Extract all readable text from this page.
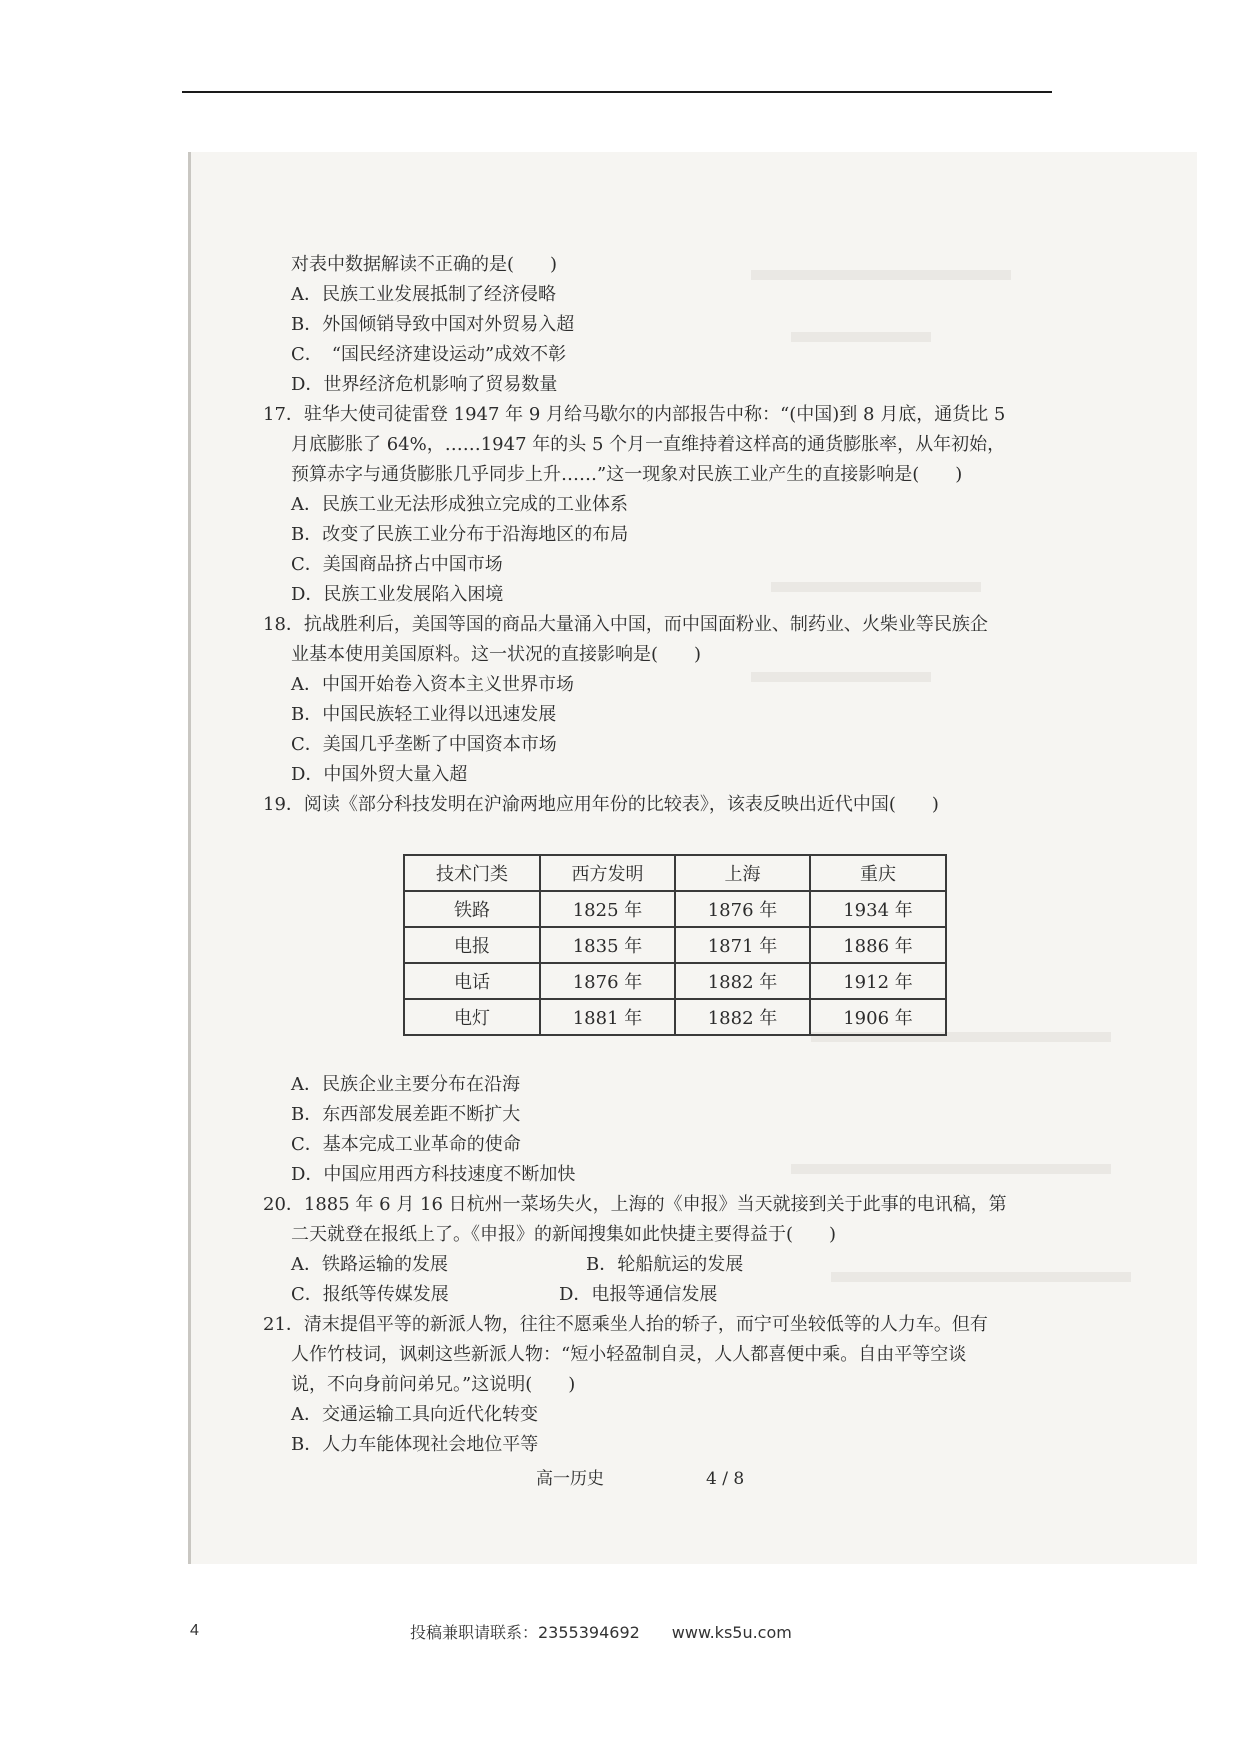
对表中数据解读不正确的是(　　)
A．民族工业发展抵制了经济侵略
B．外国倾销导致中国对外贸易入超
C．　“国民经济建设运动”成效不彰
D．世界经济危机影响了贸易数量
17．驻华大使司徒雷登 1947 年 9 月给马歇尔的内部报告中称：“(中国)到 8 月底，通货比 5
月底膨胀了 64%，……1947 年的头 5 个月一直维持着这样高的通货膨胀率，从年初始，
预算赤字与通货膨胀几乎同步上升……”这一现象对民族工业产生的直接影响是(　　)
A．民族工业无法形成独立完成的工业体系
B．改变了民族工业分布于沿海地区的布局
C．美国商品挤占中国市场
D．民族工业发展陷入困境
18．抗战胜利后，美国等国的商品大量涌入中国，而中国面粉业、制药业、火柴业等民族企
业基本使用美国原料。这一状况的直接影响是(　　)
A．中国开始卷入资本主义世界市场
B．中国民族轻工业得以迅速发展
C．美国几乎垄断了中国资本市场
D．中国外贸大量入超
19．阅读《部分科技发明在沪渝两地应用年份的比较表》，该表反映出近代中国(　　)
技术门类	西方发明	上海	重庆
铁路	1825 年	1876 年	1934 年
电报	1835 年	1871 年	1886 年
电话	1876 年	1882 年	1912 年
电灯	1881 年	1882 年	1906 年
A．民族企业主要分布在沿海
B．东西部发展差距不断扩大
C．基本完成工业革命的使命
D．中国应用西方科技速度不断加快
20．1885 年 6 月 16 日杭州一菜场失火，上海的《申报》当天就接到关于此事的电讯稿，第
二天就登在报纸上了。《申报》的新闻搜集如此快捷主要得益于(　　)
A．铁路运输的发展	B．轮船航运的发展
C．报纸等传媒发展	D．电报等通信发展
21．清末提倡平等的新派人物，往往不愿乘坐人抬的轿子，而宁可坐较低等的人力车。但有
人作竹枝词，讽刺这些新派人物：“短小轻盈制自灵，人人都喜便中乘。自由平等空谈
说，不向身前问弟兄。”这说明(　　)
A．交通运输工具向近代化转变
B．人力车能体现社会地位平等
高一历史	4 / 8
4	投稿兼职请联系：2355394692　　www.ks5u.com
